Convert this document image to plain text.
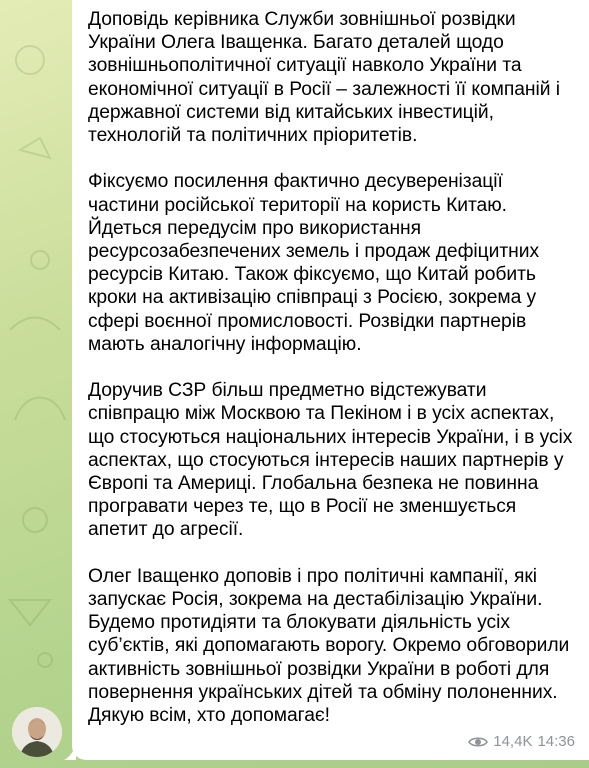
Доповідь керівника Служби зовнішньої розвідки України Олега Іващенка. Багато деталей щодо зовнішньополітичної ситуації навколо України та економічної ситуації в Росії – залежності її компаній і державної системи від китайських інвестицій, технологій та політичних пріоритетів.

Фіксуємо посилення фактично десуверенізації частини російської території на користь Китаю. Йдеться передусім про використання ресурсозабезпечених земель і продаж дефіцитних ресурсів Китаю. Також фіксуємо, що Китай робить кроки на активізацію співпраці з Росією, зокрема у сфері воєнної промисловості. Розвідки партнерів мають аналогічну інформацію.

Доручив СЗР більш предметно відстежувати співпрацю між Москвою та Пекіном і в усіх аспектах, що стосуються національних інтересів України, і в усіх аспектах, що стосуються інтересів наших партнерів у Європі та Америці. Глобальна безпека не повинна програвати через те, що в Росії не зменшується апетит до агресії.

Олег Іващенко доповів і про політичні кампанії, які запускає Росія, зокрема на дестабілізацію України. Будемо протидіяти та блокувати діяльність усіх суб’єктів, які допомагають ворогу. Окремо обговорили активність зовнішньої розвідки України в роботі для повернення українських дітей та обміну полоненних. Дякую всім, хто допомагає!

14,4K 14:36
